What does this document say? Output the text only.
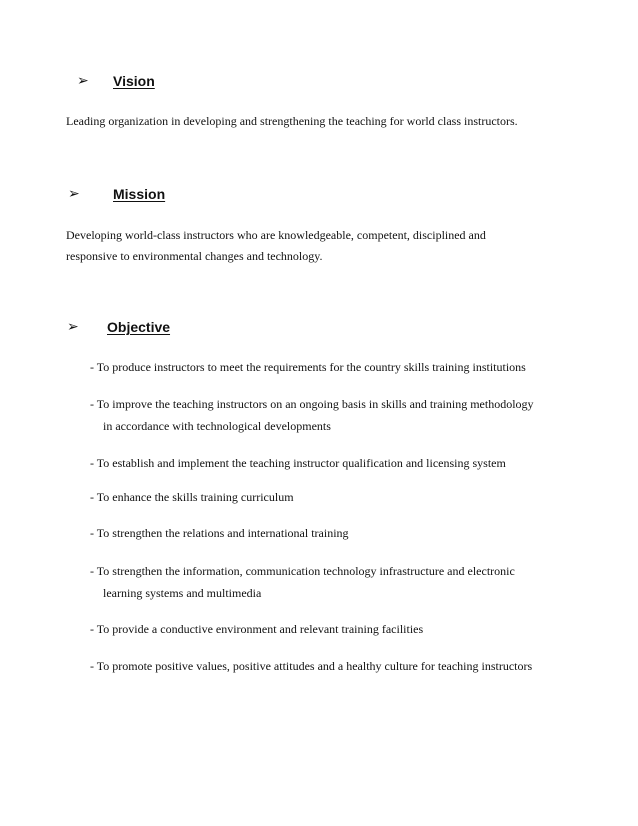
➢	Vision
Leading organization in developing and strengthening the teaching for world class instructors.
➢	Mission
Developing world-class instructors who are knowledgeable, competent, disciplined and
responsive to environmental changes and technology.
➢	Objective
- To produce instructors to meet the requirements for the country skills training institutions
- To improve the teaching instructors on an ongoing basis in skills and training methodology
in accordance with technological developments
- To establish and implement the teaching instructor qualification and licensing system
- To enhance the skills training curriculum
- To strengthen the relations and international training
- To strengthen the information, communication technology infrastructure and electronic
learning systems and multimedia
- To provide a conductive environment and relevant training facilities
- To promote positive values, positive attitudes and a healthy culture for teaching instructors
